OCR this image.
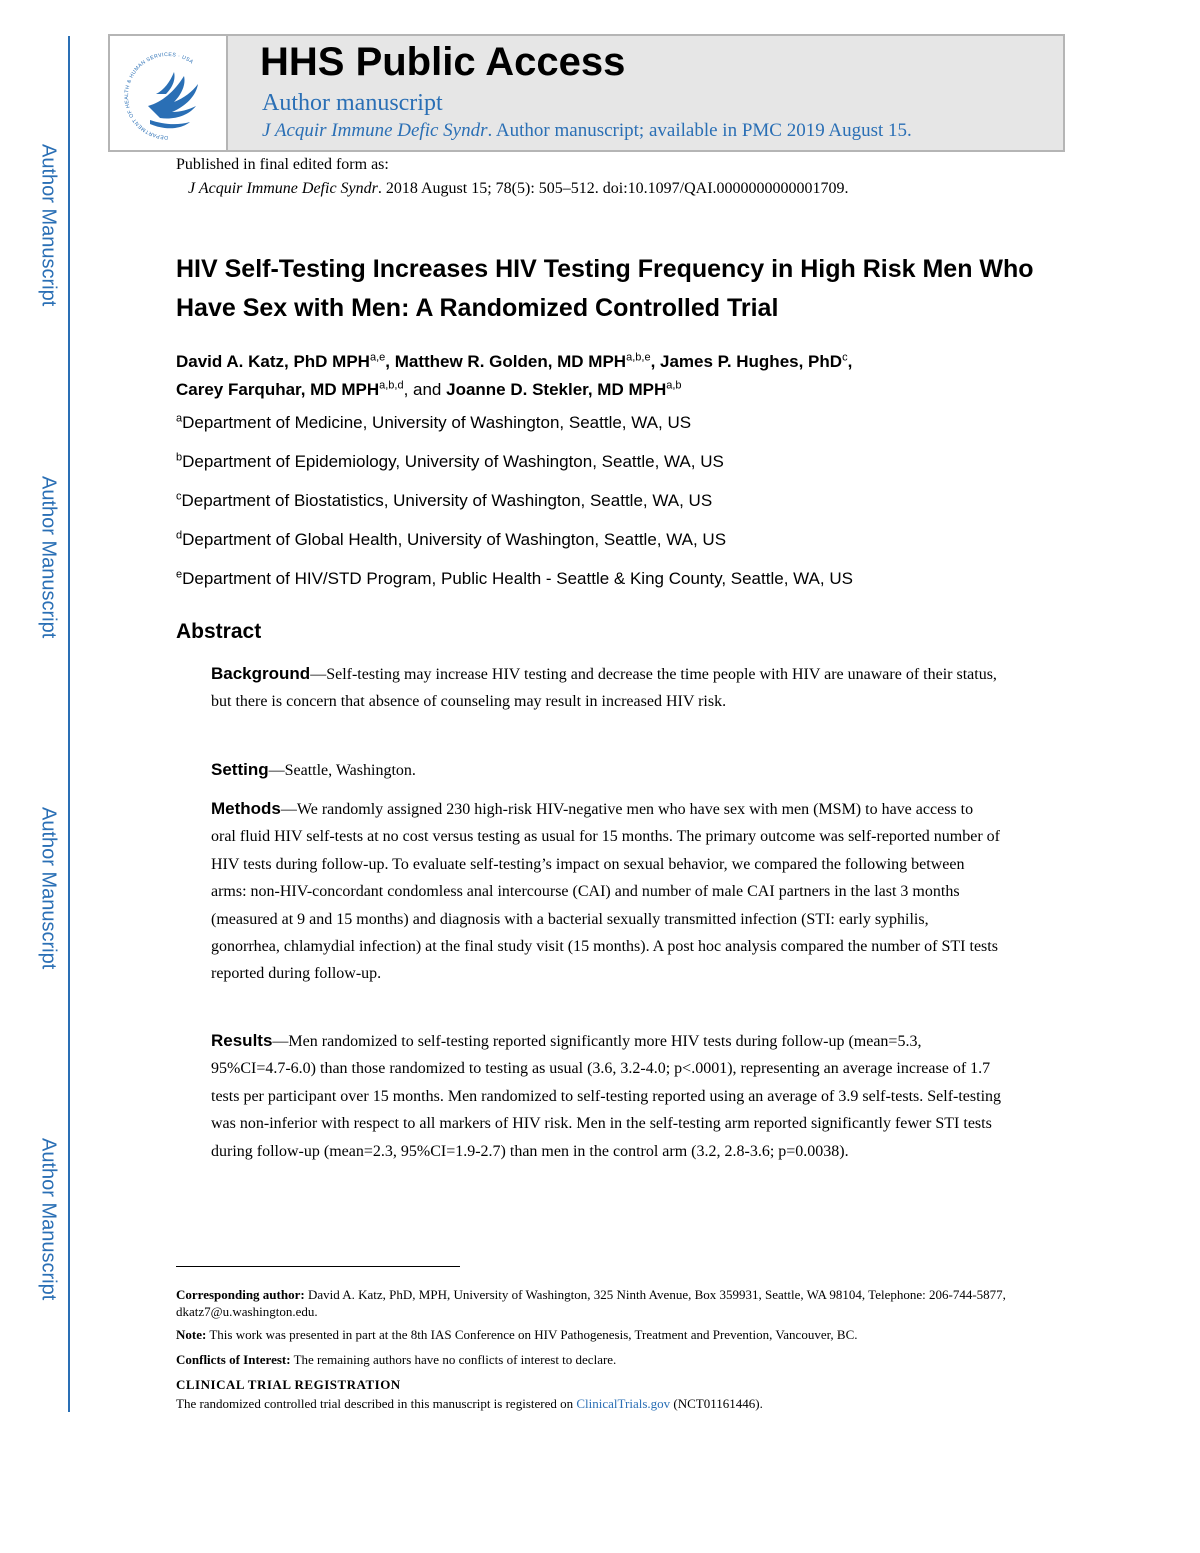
Author Manuscript
Author Manuscript
Author Manuscript
Author Manuscript
DEPARTMENT OF HEALTH & HUMAN SERVICES · USA HHS Public Access
Author manuscript
J Acquir Immune Defic Syndr. Author manuscript; available in PMC 2019 August 15.
Published in final edited form as:
J Acquir Immune Defic Syndr. 2018 August 15; 78(5): 505–512. doi:10.1097/QAI.0000000000001709.
HIV Self-Testing Increases HIV Testing Frequency in High Risk Men Who Have Sex with Men: A Randomized Controlled Trial
David A. Katz, PhD MPH$^{a,e}$, Matthew R. Golden, MD MPH$^{a,b,e}$, James P. Hughes, PhD$^c$,
Carey Farquhar, MD MPH$^{a,b,d}$, and Joanne D. Stekler, MD MPH$^{a,b}$
$^a$Department of Medicine, University of Washington, Seattle, WA, US
$^b$Department of Epidemiology, University of Washington, Seattle, WA, US
$^c$Department of Biostatistics, University of Washington, Seattle, WA, US
$^d$Department of Global Health, University of Washington, Seattle, WA, US
$^e$Department of HIV/STD Program, Public Health - Seattle & King County, Seattle, WA, US
Abstract
Background—Self-testing may increase HIV testing and decrease the time people with HIV are unaware of their status, but there is concern that absence of counseling may result in increased HIV risk.
Setting—Seattle, Washington.
Methods—We randomly assigned 230 high-risk HIV-negative men who have sex with men (MSM) to have access to oral fluid HIV self-tests at no cost versus testing as usual for 15 months. The primary outcome was self-reported number of HIV tests during follow-up. To evaluate self-testing’s impact on sexual behavior, we compared the following between arms: non-HIV-concordant condomless anal intercourse (CAI) and number of male CAI partners in the last 3 months (measured at 9 and 15 months) and diagnosis with a bacterial sexually transmitted infection (STI: early syphilis, gonorrhea, chlamydial infection) at the final study visit (15 months). A post hoc analysis compared the number of STI tests reported during follow-up.
Results—Men randomized to self-testing reported significantly more HIV tests during follow-up (mean=5.3, 95%CI=4.7-6.0) than those randomized to testing as usual (3.6, 3.2-4.0; p<.0001), representing an average increase of 1.7 tests per participant over 15 months. Men randomized to self-testing reported using an average of 3.9 self-tests. Self-testing was non-inferior with respect to all markers of HIV risk. Men in the self-testing arm reported significantly fewer STI tests during follow-up (mean=2.3, 95%CI=1.9-2.7) than men in the control arm (3.2, 2.8-3.6; p=0.0038).
Corresponding author: David A. Katz, PhD, MPH, University of Washington, 325 Ninth Avenue, Box 359931, Seattle, WA 98104, Telephone: 206-744-5877, dkatz7@u.washington.edu.
Note: This work was presented in part at the 8th IAS Conference on HIV Pathogenesis, Treatment and Prevention, Vancouver, BC.
Conflicts of Interest: The remaining authors have no conflicts of interest to declare.
CLINICAL TRIAL REGISTRATION
The randomized controlled trial described in this manuscript is registered on ClinicalTrials.gov (NCT01161446).
